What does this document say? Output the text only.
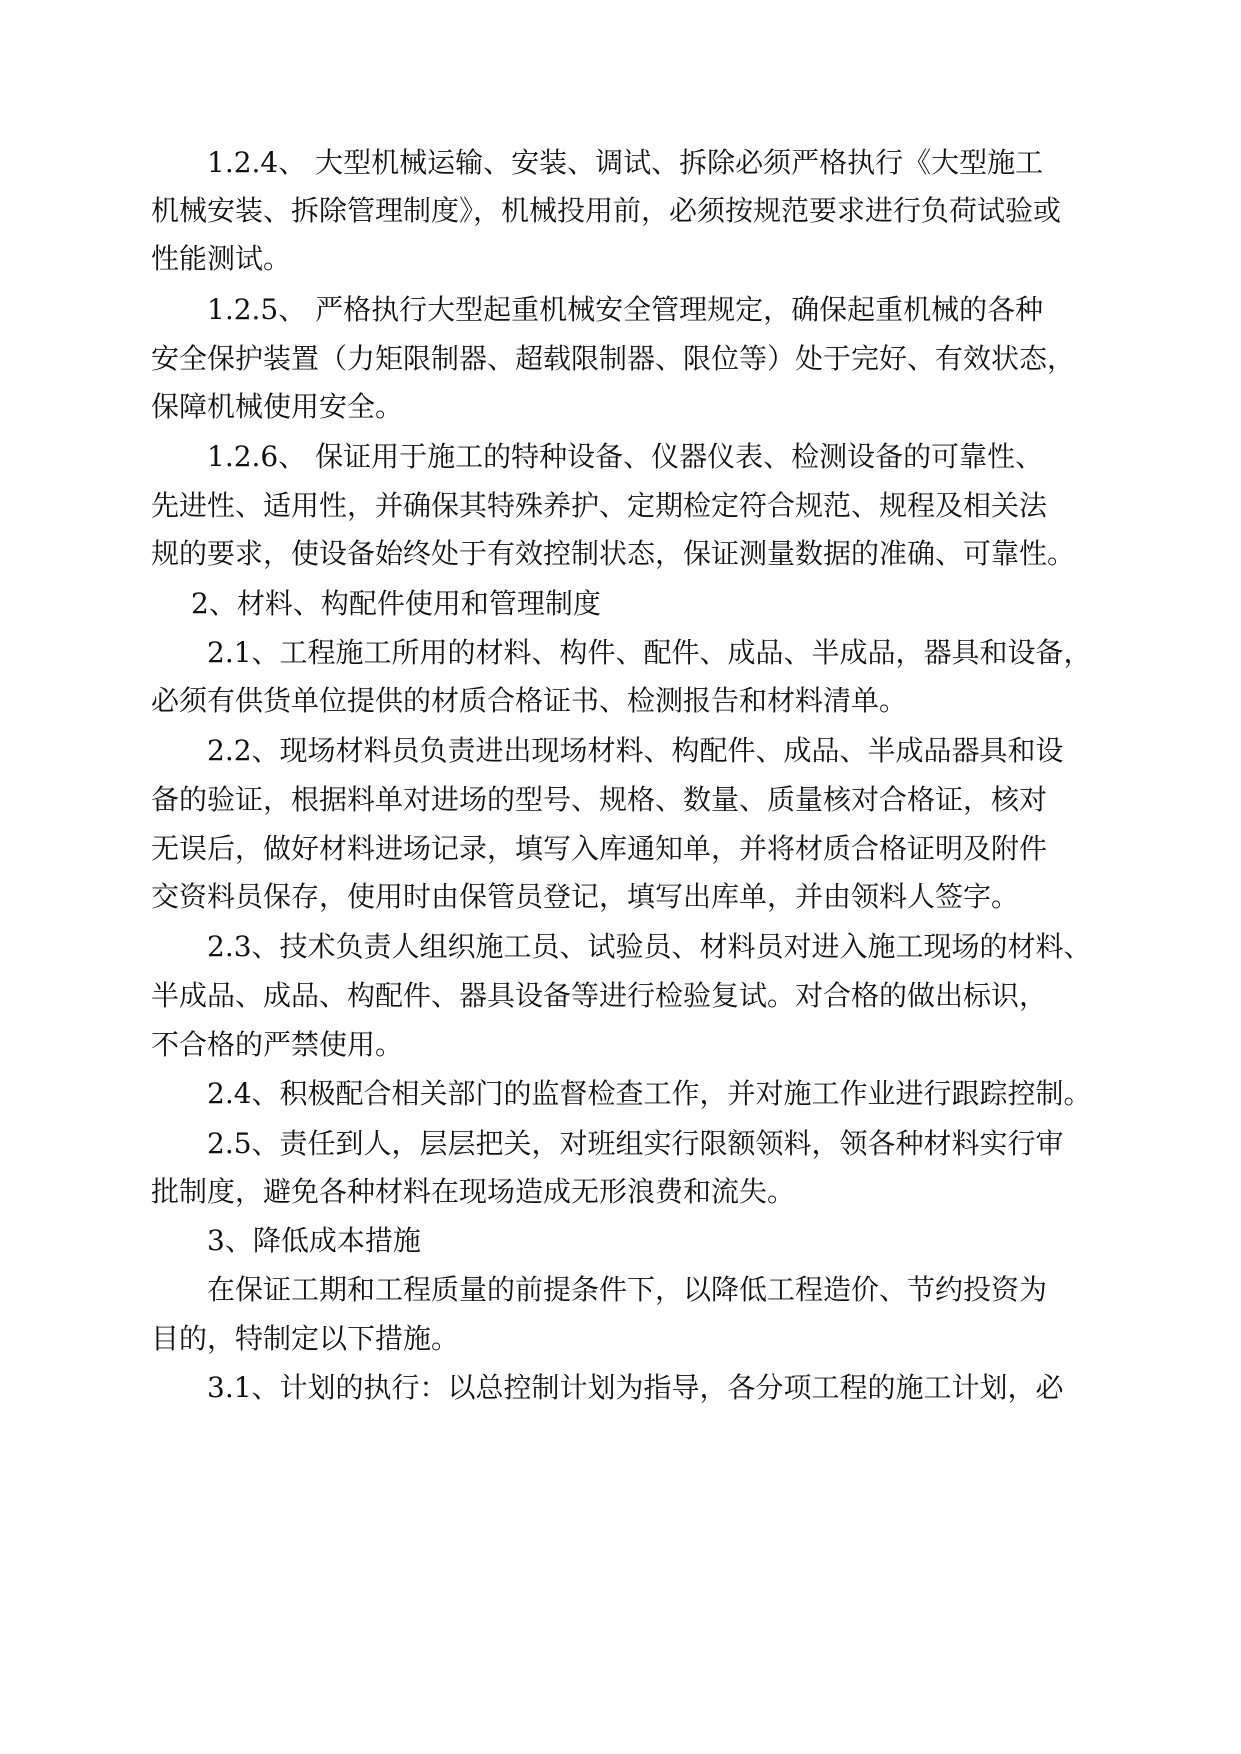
1.2.4、 大型机械运输、安装、调试、拆除必须严格执行《大型施工
机械安装、拆除管理制度》，机械投用前，必须按规范要求进行负荷试验或
性能测试。
1.2.5、 严格执行大型起重机械安全管理规定，确保起重机械的各种
安全保护装置（力矩限制器、超载限制器、限位等）处于完好、有效状态，
保障机械使用安全。
1.2.6、 保证用于施工的特种设备、仪器仪表、检测设备的可靠性、
先进性、适用性，并确保其特殊养护、定期检定符合规范、规程及相关法
规的要求，使设备始终处于有效控制状态，保证测量数据的准确、可靠性。
2、材料、构配件使用和管理制度
2.1、工程施工所用的材料、构件、配件、成品、半成品，器具和设备，
必须有供货单位提供的材质合格证书、检测报告和材料清单。
2.2、现场材料员负责进出现场材料、构配件、成品、半成品器具和设
备的验证，根据料单对进场的型号、规格、数量、质量核对合格证，核对
无误后，做好材料进场记录，填写入库通知单，并将材质合格证明及附件
交资料员保存，使用时由保管员登记，填写出库单，并由领料人签字。
2.3、技术负责人组织施工员、试验员、材料员对进入施工现场的材料、
半成品、成品、构配件、器具设备等进行检验复试。对合格的做出标识，
不合格的严禁使用。
2.4、积极配合相关部门的监督检查工作，并对施工作业进行跟踪控制。
2.5、责任到人，层层把关，对班组实行限额领料，领各种材料实行审
批制度，避免各种材料在现场造成无形浪费和流失。
3、降低成本措施
在保证工期和工程质量的前提条件下，以降低工程造价、节约投资为
目的，特制定以下措施。
3.1、计划的执行：以总控制计划为指导，各分项工程的施工计划，必
